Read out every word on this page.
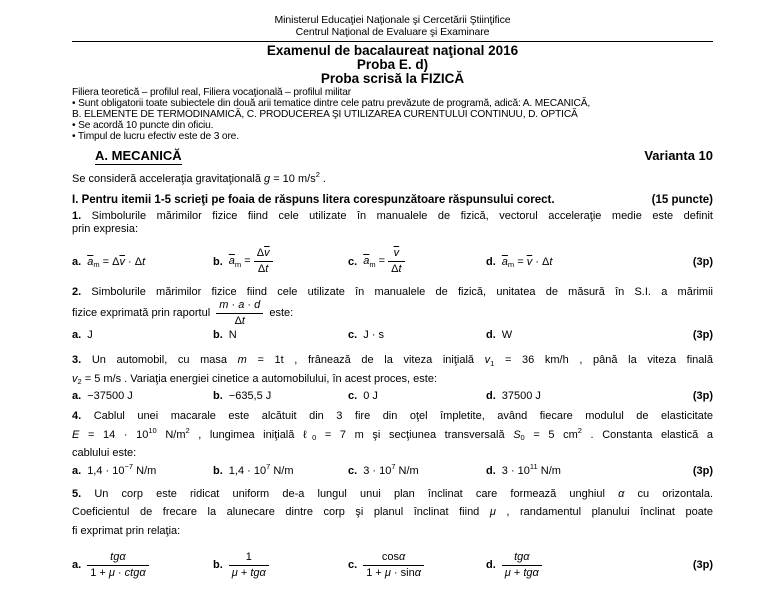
Ministerul Educaţiei Naţionale şi Cercetării Ştiinţifice
Centrul Naţional de Evaluare şi Examinare
Examenul de bacalaureat naţional 2016
Proba E. d)
Proba scrisă la FIZICĂ
Filiera teoretică – profilul real, Filiera vocaţională – profilul militar
• Sunt obligatorii toate subiectele din două arii tematice dintre cele patru prevăzute de programă, adică: A. MECANICĂ,
B. ELEMENTE DE TERMODINAMICĂ, C. PRODUCEREA ŞI UTILIZAREA CURENTULUI CONTINUU, D. OPTICĂ
• Se acordă 10 puncte din oficiu.
• Timpul de lucru efectiv este de 3 ore.
A. MECANICĂ	Varianta 10
Se consideră acceleraţia gravitaţională g = 10 $m/s^2$ .
I. Pentru itemii 1-5 scrieţi pe foaia de răspuns litera corespunzătoare răspunsului corect.	(15 puncte)
1. Simbolurile mărimilor fizice fiind cele utilizate în manualele de fizică, vectorul acceleraţie medie este definit
prin expresia:
a. $\overline{a}_m = \Delta\overline{v} \cdot \Delta t$	b. $\overline{a}_m = \frac{\Delta\overline{v}}{\Delta t}$	c. $\overline{a}_m = \frac{\overline{v}}{\Delta t}$	d. $\overline{a}_m = \overline{v} \cdot \Delta t$	(3p)
2. Simbolurile mărimilor fizice fiind cele utilizate în manualele de fizică, unitatea de măsură în S.I. a mărimii
fizice exprimată prin raportul $\frac{m \cdot a \cdot d}{\Delta t}$ este:
a. J	b. N	c. J · s	d. W	(3p)
3. Un automobil, cu masa m = 1t , frânează de la viteza iniţială $v_1 = 36$ km/h , până la viteza finală
$v_2 = 5$ m/s . Variaţia energiei cinetice a automobilului, în acest proces, este:
a. −37500 J	b. −635,5 J	c. 0 J	d. 37500 J	(3p)
4. Cablul unei macarale este alcătuit din 3 fire din oţel împletite, având fiecare modulul de elasticitate
$E = 14 \cdot 10^{10}$ $N/m^2$ , lungimea iniţială ℓ$_0$ = 7 m şi secţiunea transversală $S_0 = 5$ $cm^2$ . Constanta elastică a
cablului este:
a. $1,4 \cdot 10^{-7}$ N/m	b. $1,4 \cdot 10^7$ N/m	c. $3 \cdot 10^7$ N/m	d. $3 \cdot 10^{11}$ N/m	(3p)
5. Un corp este ridicat uniform de-a lungul unui plan înclinat care formează unghiul α cu orizontala.
Coeficientul de frecare la alunecare dintre corp şi planul înclinat fiind μ , randamentul planului înclinat poate
fi exprimat prin relaţia:
a. $\frac{\text{tgα}}{\text{1 + μ · ctgα}}$	b. $\frac{1}{\text{μ + tgα}}$	c. $\frac{\cos\alpha}{1 + \mu \cdot \sin\alpha}$	d. $\frac{\text{tgα}}{\text{μ + tgα}}$	(3p)
